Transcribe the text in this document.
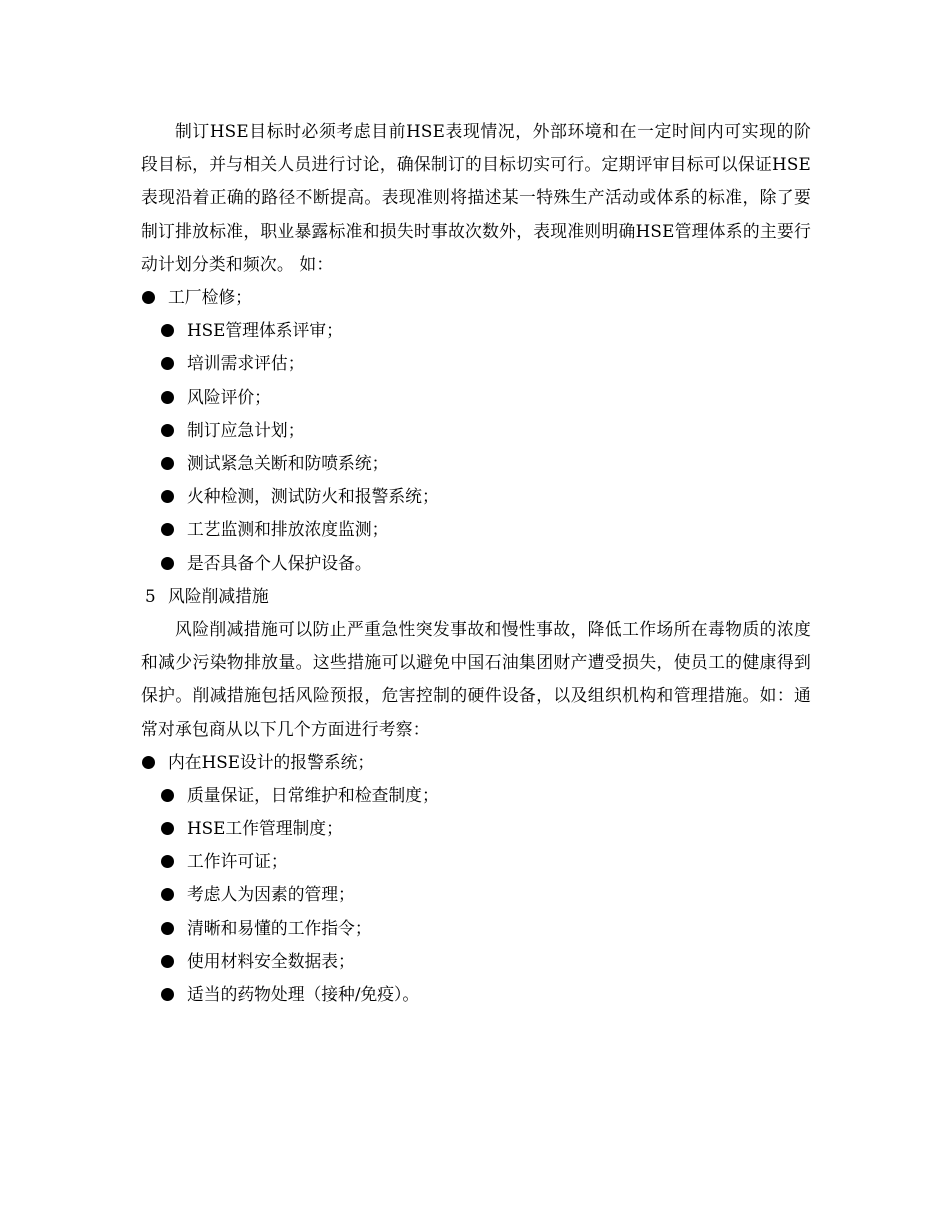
制订HSE目标时必须考虑目前HSE表现情况，外部环境和在一定时间内可实现的阶段目标，并与相关人员进行讨论，确保制订的目标切实可行。定期评审目标可以保证HSE表现沿着正确的路径不断提高。表现准则将描述某一特殊生产活动或体系的标准，除了要制订排放标准，职业暴露标准和损失时事故次数外，表现准则明确HSE管理体系的主要行动计划分类和频次。 如：

工厂检修；
HSE管理体系评审；
培训需求评估；
风险评价；
制订应急计划；
测试紧急关断和防喷系统；
火种检测，测试防火和报警系统；
工艺监测和排放浓度监测；
是否具备个人保护设备。
5 风险削减措施

风险削减措施可以防止严重急性突发事故和慢性事故，降低工作场所在毒物质的浓度和减少污染物排放量。这些措施可以避免中国石油集团财产遭受损失，使员工的健康得到保护。削减措施包括风险预报，危害控制的硬件设备，以及组织机构和管理措施。如：通常对承包商从以下几个方面进行考察：

内在HSE设计的报警系统；
质量保证，日常维护和检查制度；
HSE工作管理制度；
工作许可证；
考虑人为因素的管理；
清晰和易懂的工作指令；
使用材料安全数据表；
适当的药物处理（接种/免疫）。
